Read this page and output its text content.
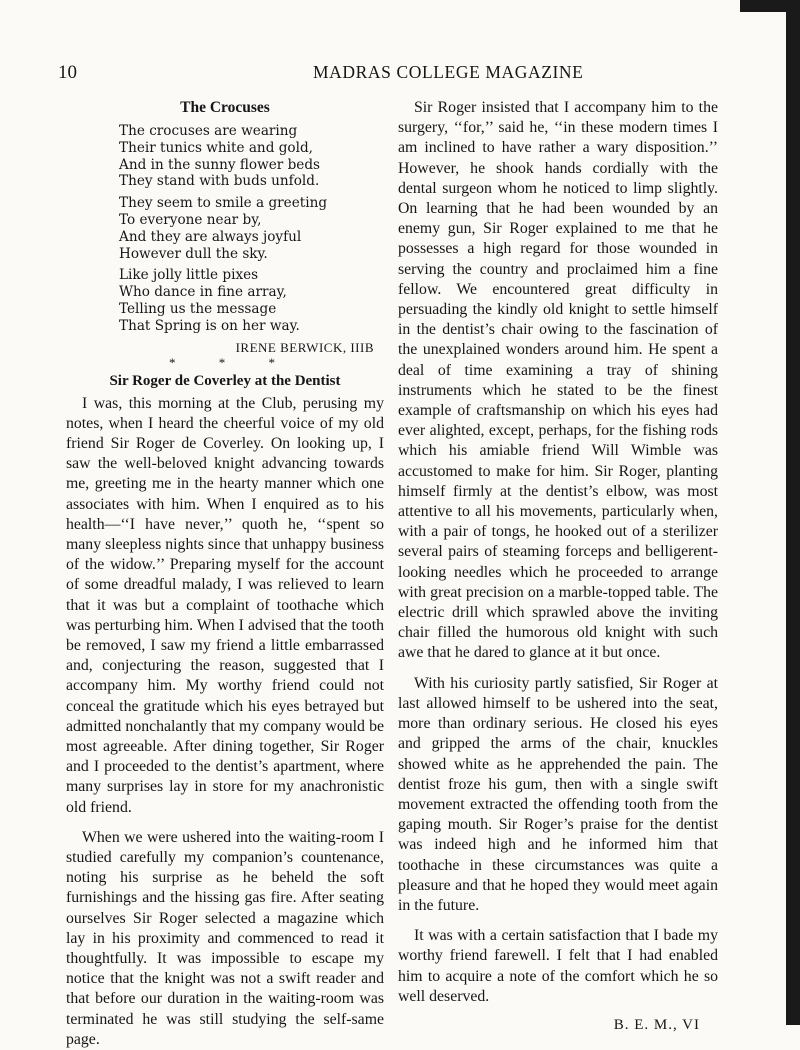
10	MADRAS COLLEGE MAGAZINE
The Crocuses
The crocuses are wearing
Their tunics white and gold,
And in the sunny flower beds
They stand with buds unfold.
They seem to smile a greeting
To everyone near by,
And they are always joyful
However dull the sky.
Like jolly little pixes
Who dance in fine array,
Telling us the message
That Spring is on her way.
IRENE BERWICK, IIIB
* * *
Sir Roger de Coverley at the Dentist

I was, this morning at the Club, perusing my notes, when I heard the cheerful voice of my old friend Sir Roger de Coverley. On looking up, I saw the well-beloved knight advancing towards me, greeting me in the hearty manner which one associates with him. When I enquired as to his health—‘‘I have never,’’ quoth he, ‘‘spent so many sleepless nights since that unhappy business of the widow.’’ Preparing myself for the account of some dreadful malady, I was relieved to learn that it was but a complaint of toothache which was perturbing him. When I advised that the tooth be removed, I saw my friend a little embarrassed and, conjecturing the reason, suggested that I accompany him. My worthy friend could not conceal the gratitude which his eyes betrayed but admitted nonchalantly that my company would be most agreeable. After dining together, Sir Roger and I proceeded to the dentist’s apartment, where many surprises lay in store for my anachronistic old friend.

When we were ushered into the waiting-room I studied carefully my companion’s countenance, noting his surprise as he beheld the soft furnishings and the hissing gas fire. After seating ourselves Sir Roger selected a magazine which lay in his proximity and commenced to read it thoughtfully. It was impossible to escape my notice that the knight was not a swift reader and that before our duration in the waiting-room was terminated he was still studying the self-same page.

Sir Roger insisted that I accompany him to the surgery, ‘‘for,’’ said he, ‘‘in these modern times I am inclined to have rather a wary disposition.’’ However, he shook hands cordially with the dental surgeon whom he noticed to limp slightly. On learning that he had been wounded by an enemy gun, Sir Roger explained to me that he possesses a high regard for those wounded in serving the country and proclaimed him a fine fellow. We encountered great difficulty in persuading the kindly old knight to settle himself in the dentist’s chair owing to the fascination of the unexplained wonders around him. He spent a deal of time examining a tray of shining instruments which he stated to be the finest example of craftsmanship on which his eyes had ever alighted, except, perhaps, for the fishing rods which his amiable friend Will Wimble was accustomed to make for him. Sir Roger, planting himself firmly at the dentist’s elbow, was most attentive to all his movements, particularly when, with a pair of tongs, he hooked out of a sterilizer several pairs of steaming forceps and belligerent-looking needles which he proceeded to arrange with great precision on a marble-topped table. The electric drill which sprawled above the inviting chair filled the humorous old knight with such awe that he dared to glance at it but once.

With his curiosity partly satisfied, Sir Roger at last allowed himself to be ushered into the seat, more than ordinary serious. He closed his eyes and gripped the arms of the chair, knuckles showed white as he apprehended the pain. The dentist froze his gum, then with a single swift movement extracted the offending tooth from the gaping mouth. Sir Roger’s praise for the dentist was indeed high and he informed him that toothache in these circumstances was quite a pleasure and that he hoped they would meet again in the future.

It was with a certain satisfaction that I bade my worthy friend farewell. I felt that I had enabled him to acquire a note of the comfort which he so well deserved.

B. E. M., VI
